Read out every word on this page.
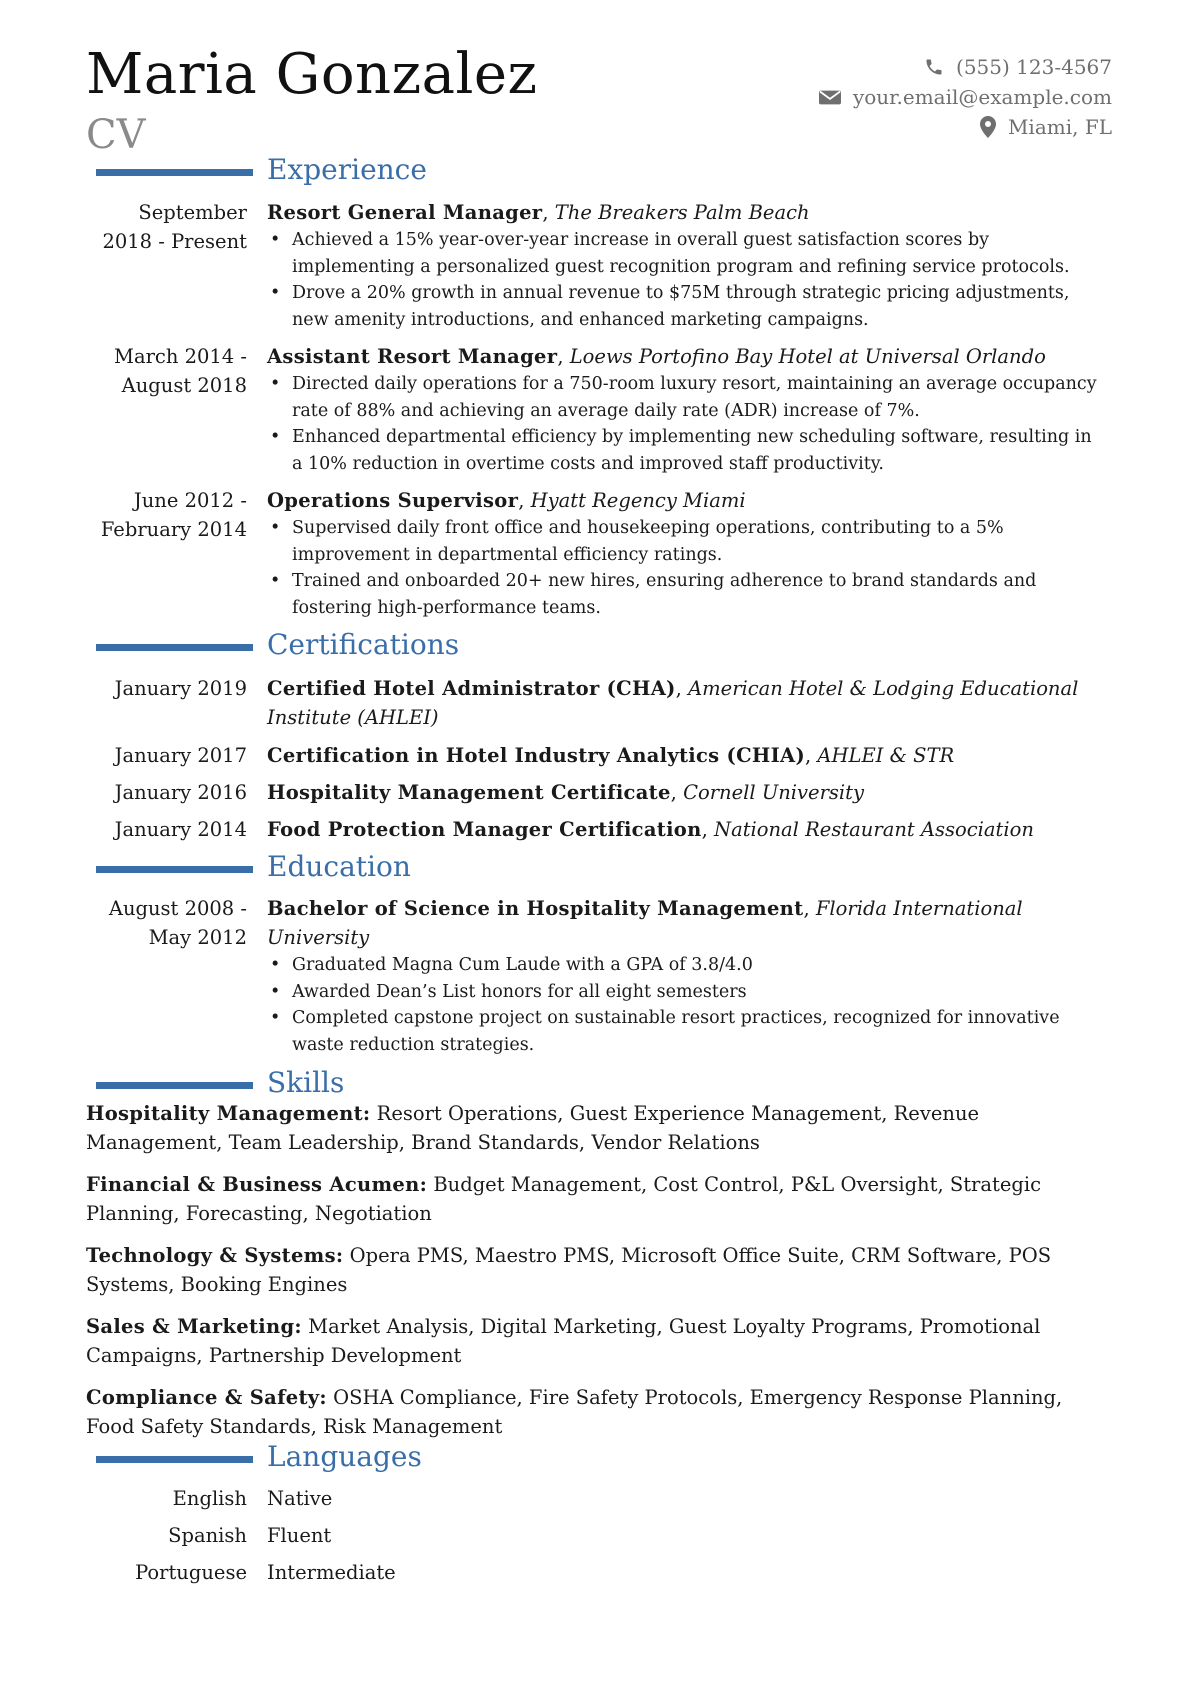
Maria Gonzalez
CV
(555) 123-4567
your.email@example.com
Miami, FL
Experience
September
2018 - Present
Resort General Manager, The Breakers Palm Beach
• Achieved a 15% year-over-year increase in overall guest satisfaction scores by implementing a personalized guest recognition program and refining service protocols.
• Drove a 20% growth in annual revenue to $75M through strategic pricing adjustments, new amenity introductions, and enhanced marketing campaigns.
March 2014 -
August 2018
Assistant Resort Manager, Loews Portofino Bay Hotel at Universal Orlando
• Directed daily operations for a 750-room luxury resort, maintaining an average occupancy rate of 88% and achieving an average daily rate (ADR) increase of 7%.
• Enhanced departmental efficiency by implementing new scheduling software, resulting in a 10% reduction in overtime costs and improved staff productivity.
June 2012 -
February 2014
Operations Supervisor, Hyatt Regency Miami
• Supervised daily front office and housekeeping operations, contributing to a 5% improvement in departmental efficiency ratings.
• Trained and onboarded 20+ new hires, ensuring adherence to brand standards and fostering high-performance teams.
Certifications
January 2019 Certified Hotel Administrator (CHA), American Hotel & Lodging Educational Institute (AHLEI)
January 2017 Certification in Hotel Industry Analytics (CHIA), AHLEI & STR
January 2016 Hospitality Management Certificate, Cornell University
January 2014 Food Protection Manager Certification, National Restaurant Association
Education
August 2008 -
May 2012
Bachelor of Science in Hospitality Management, Florida International University
• Graduated Magna Cum Laude with a GPA of 3.8/4.0
• Awarded Dean’s List honors for all eight semesters
• Completed capstone project on sustainable resort practices, recognized for innovative waste reduction strategies.
Skills
Hospitality Management: Resort Operations, Guest Experience Management, Revenue Management, Team Leadership, Brand Standards, Vendor Relations
Financial & Business Acumen: Budget Management, Cost Control, P&L Oversight, Strategic Planning, Forecasting, Negotiation
Technology & Systems: Opera PMS, Maestro PMS, Microsoft Office Suite, CRM Software, POS Systems, Booking Engines
Sales & Marketing: Market Analysis, Digital Marketing, Guest Loyalty Programs, Promotional Campaigns, Partnership Development
Compliance & Safety: OSHA Compliance, Fire Safety Protocols, Emergency Response Planning, Food Safety Standards, Risk Management
Languages
English Native
Spanish Fluent
Portuguese Intermediate
